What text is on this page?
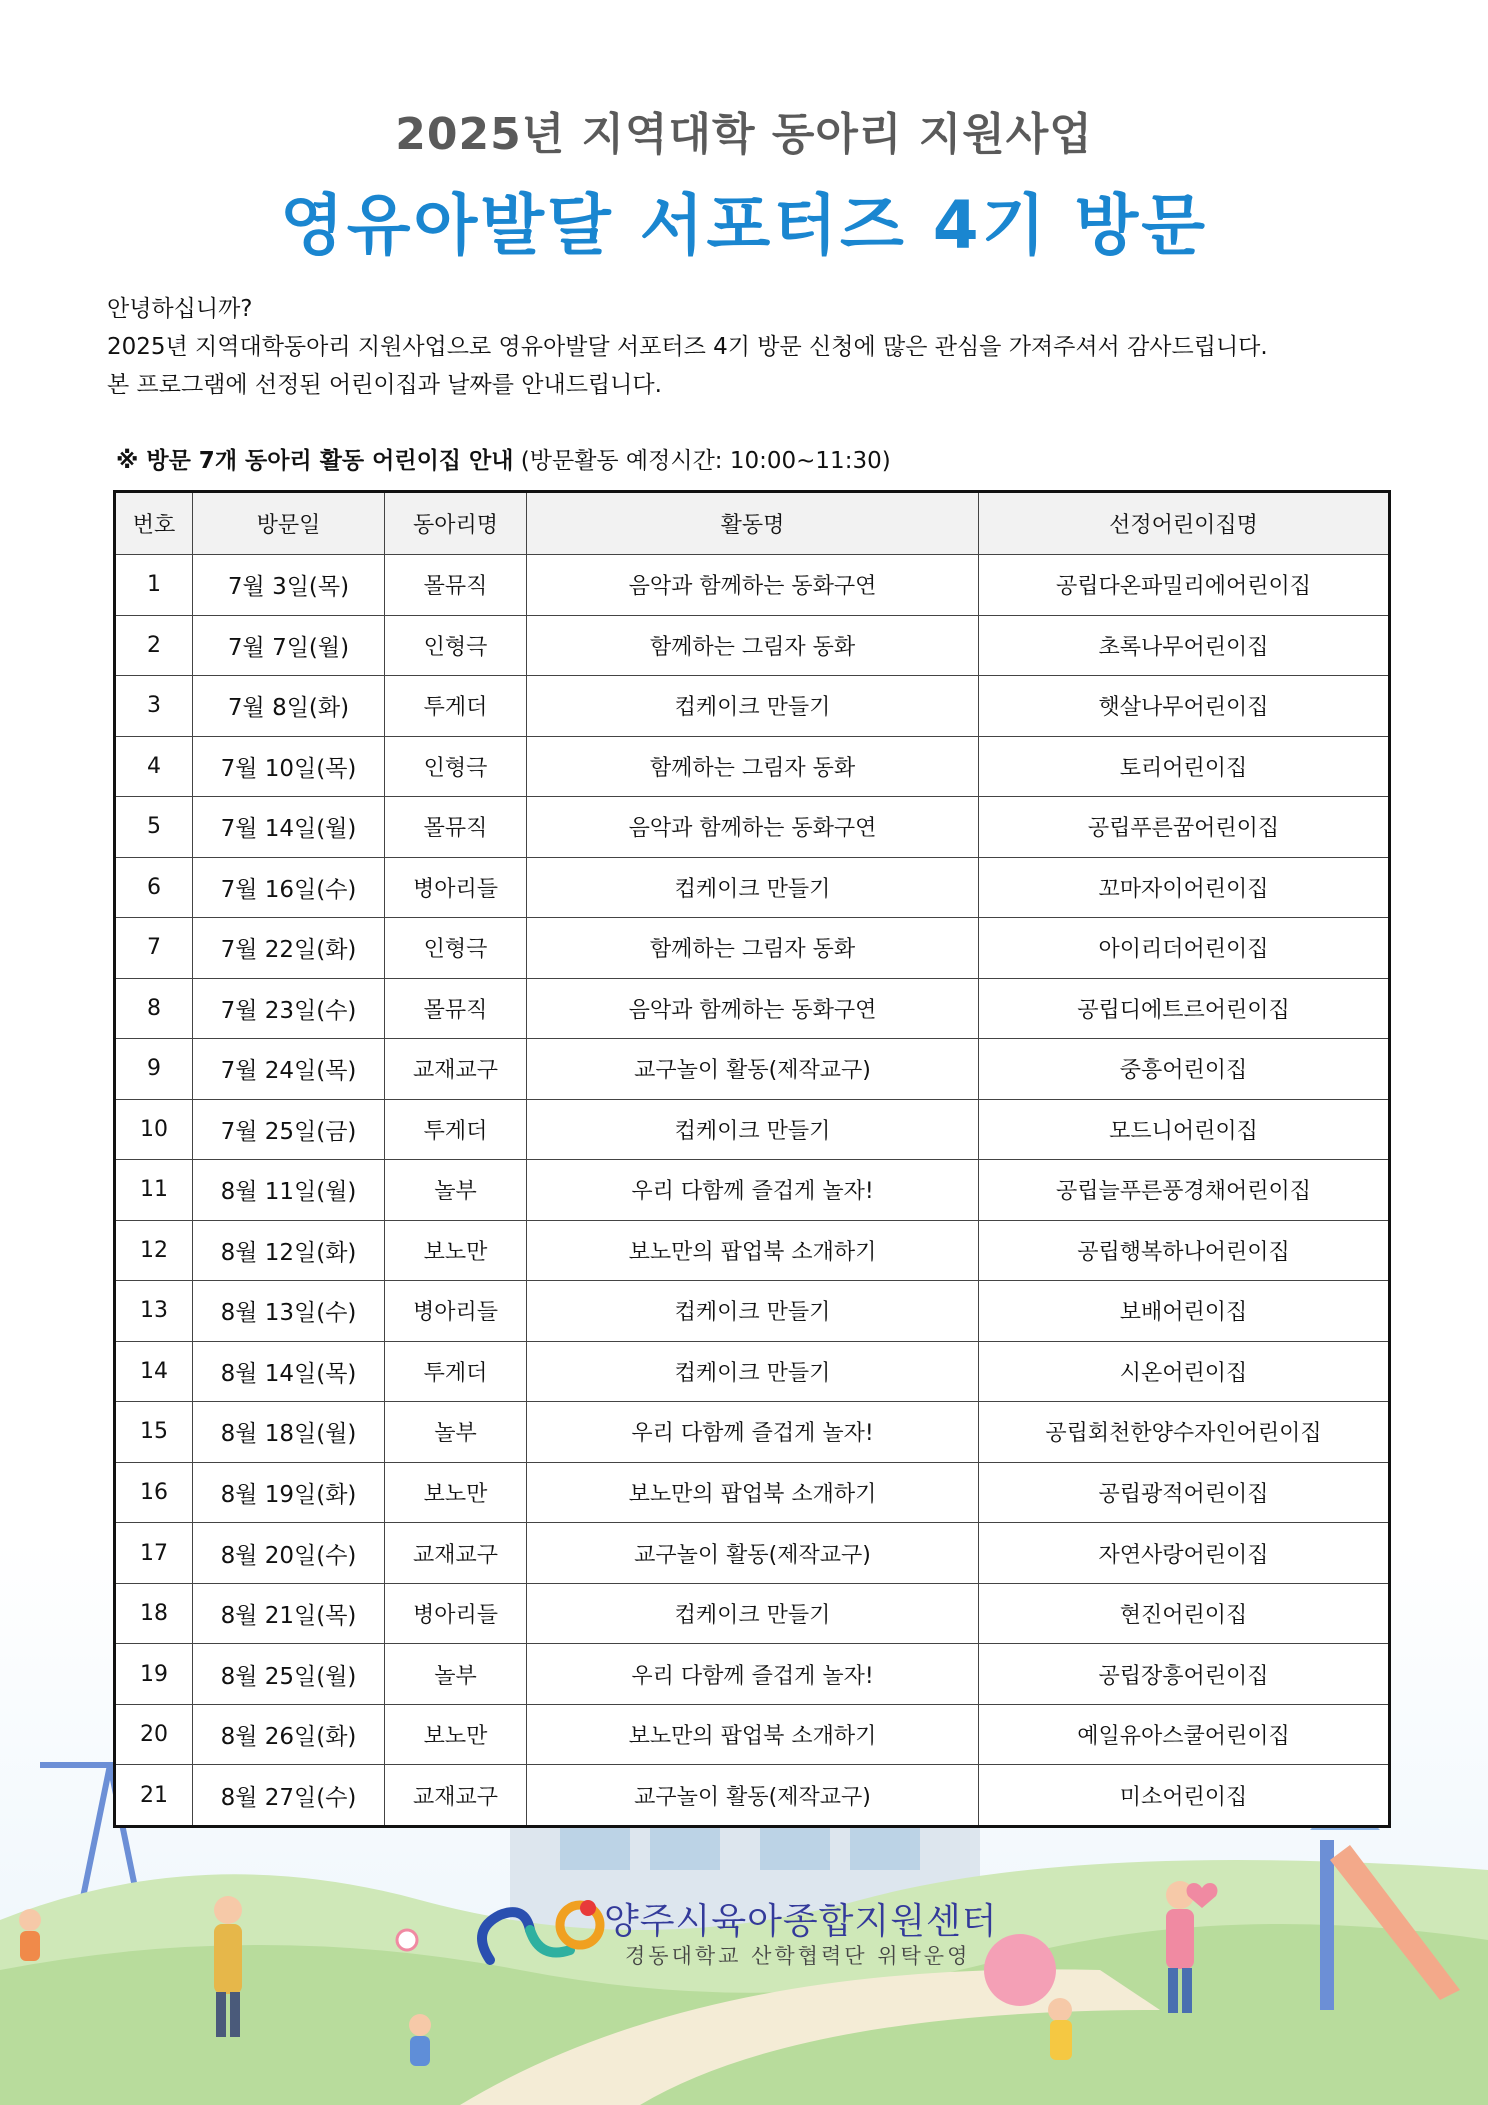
2025년 지역대학 동아리 지원사업
영유아발달 서포터즈 4기 방문
안녕하십니까?
2025년 지역대학동아리 지원사업으로 영유아발달 서포터즈 4기 방문 신청에 많은 관심을 가져주셔서 감사드립니다.
본 프로그램에 선정된 어린이집과 날짜를 안내드립니다.
※ 방문 7개 동아리 활동 어린이집 안내 (방문활동 예정시간: 10:00~11:30)
번호	방문일	동아리명	활동명	선정어린이집명
1	7월 3일(목)	몰뮤직	음악과 함께하는 동화구연	공립다온파밀리에어린이집
2	7월 7일(월)	인형극	함께하는 그림자 동화	초록나무어린이집
3	7월 8일(화)	투게더	컵케이크 만들기	햇살나무어린이집
4	7월 10일(목)	인형극	함께하는 그림자 동화	토리어린이집
5	7월 14일(월)	몰뮤직	음악과 함께하는 동화구연	공립푸른꿈어린이집
6	7월 16일(수)	병아리들	컵케이크 만들기	꼬마자이어린이집
7	7월 22일(화)	인형극	함께하는 그림자 동화	아이리더어린이집
8	7월 23일(수)	몰뮤직	음악과 함께하는 동화구연	공립디에트르어린이집
9	7월 24일(목)	교재교구	교구놀이 활동(제작교구)	중흥어린이집
10	7월 25일(금)	투게더	컵케이크 만들기	모드니어린이집
11	8월 11일(월)	놀부	우리 다함께 즐겁게 놀자!	공립늘푸른풍경채어린이집
12	8월 12일(화)	보노만	보노만의 팝업북 소개하기	공립행복하나어린이집
13	8월 13일(수)	병아리들	컵케이크 만들기	보배어린이집
14	8월 14일(목)	투게더	컵케이크 만들기	시온어린이집
15	8월 18일(월)	놀부	우리 다함께 즐겁게 놀자!	공립회천한양수자인어린이집
16	8월 19일(화)	보노만	보노만의 팝업북 소개하기	공립광적어린이집
17	8월 20일(수)	교재교구	교구놀이 활동(제작교구)	자연사랑어린이집
18	8월 21일(목)	병아리들	컵케이크 만들기	현진어린이집
19	8월 25일(월)	놀부	우리 다함께 즐겁게 놀자!	공립장흥어린이집
20	8월 26일(화)	보노만	보노만의 팝업북 소개하기	예일유아스쿨어린이집
21	8월 27일(수)	교재교구	교구놀이 활동(제작교구)	미소어린이집
양주시육아종합지원센터
경동대학교 산학협력단 위탁운영
